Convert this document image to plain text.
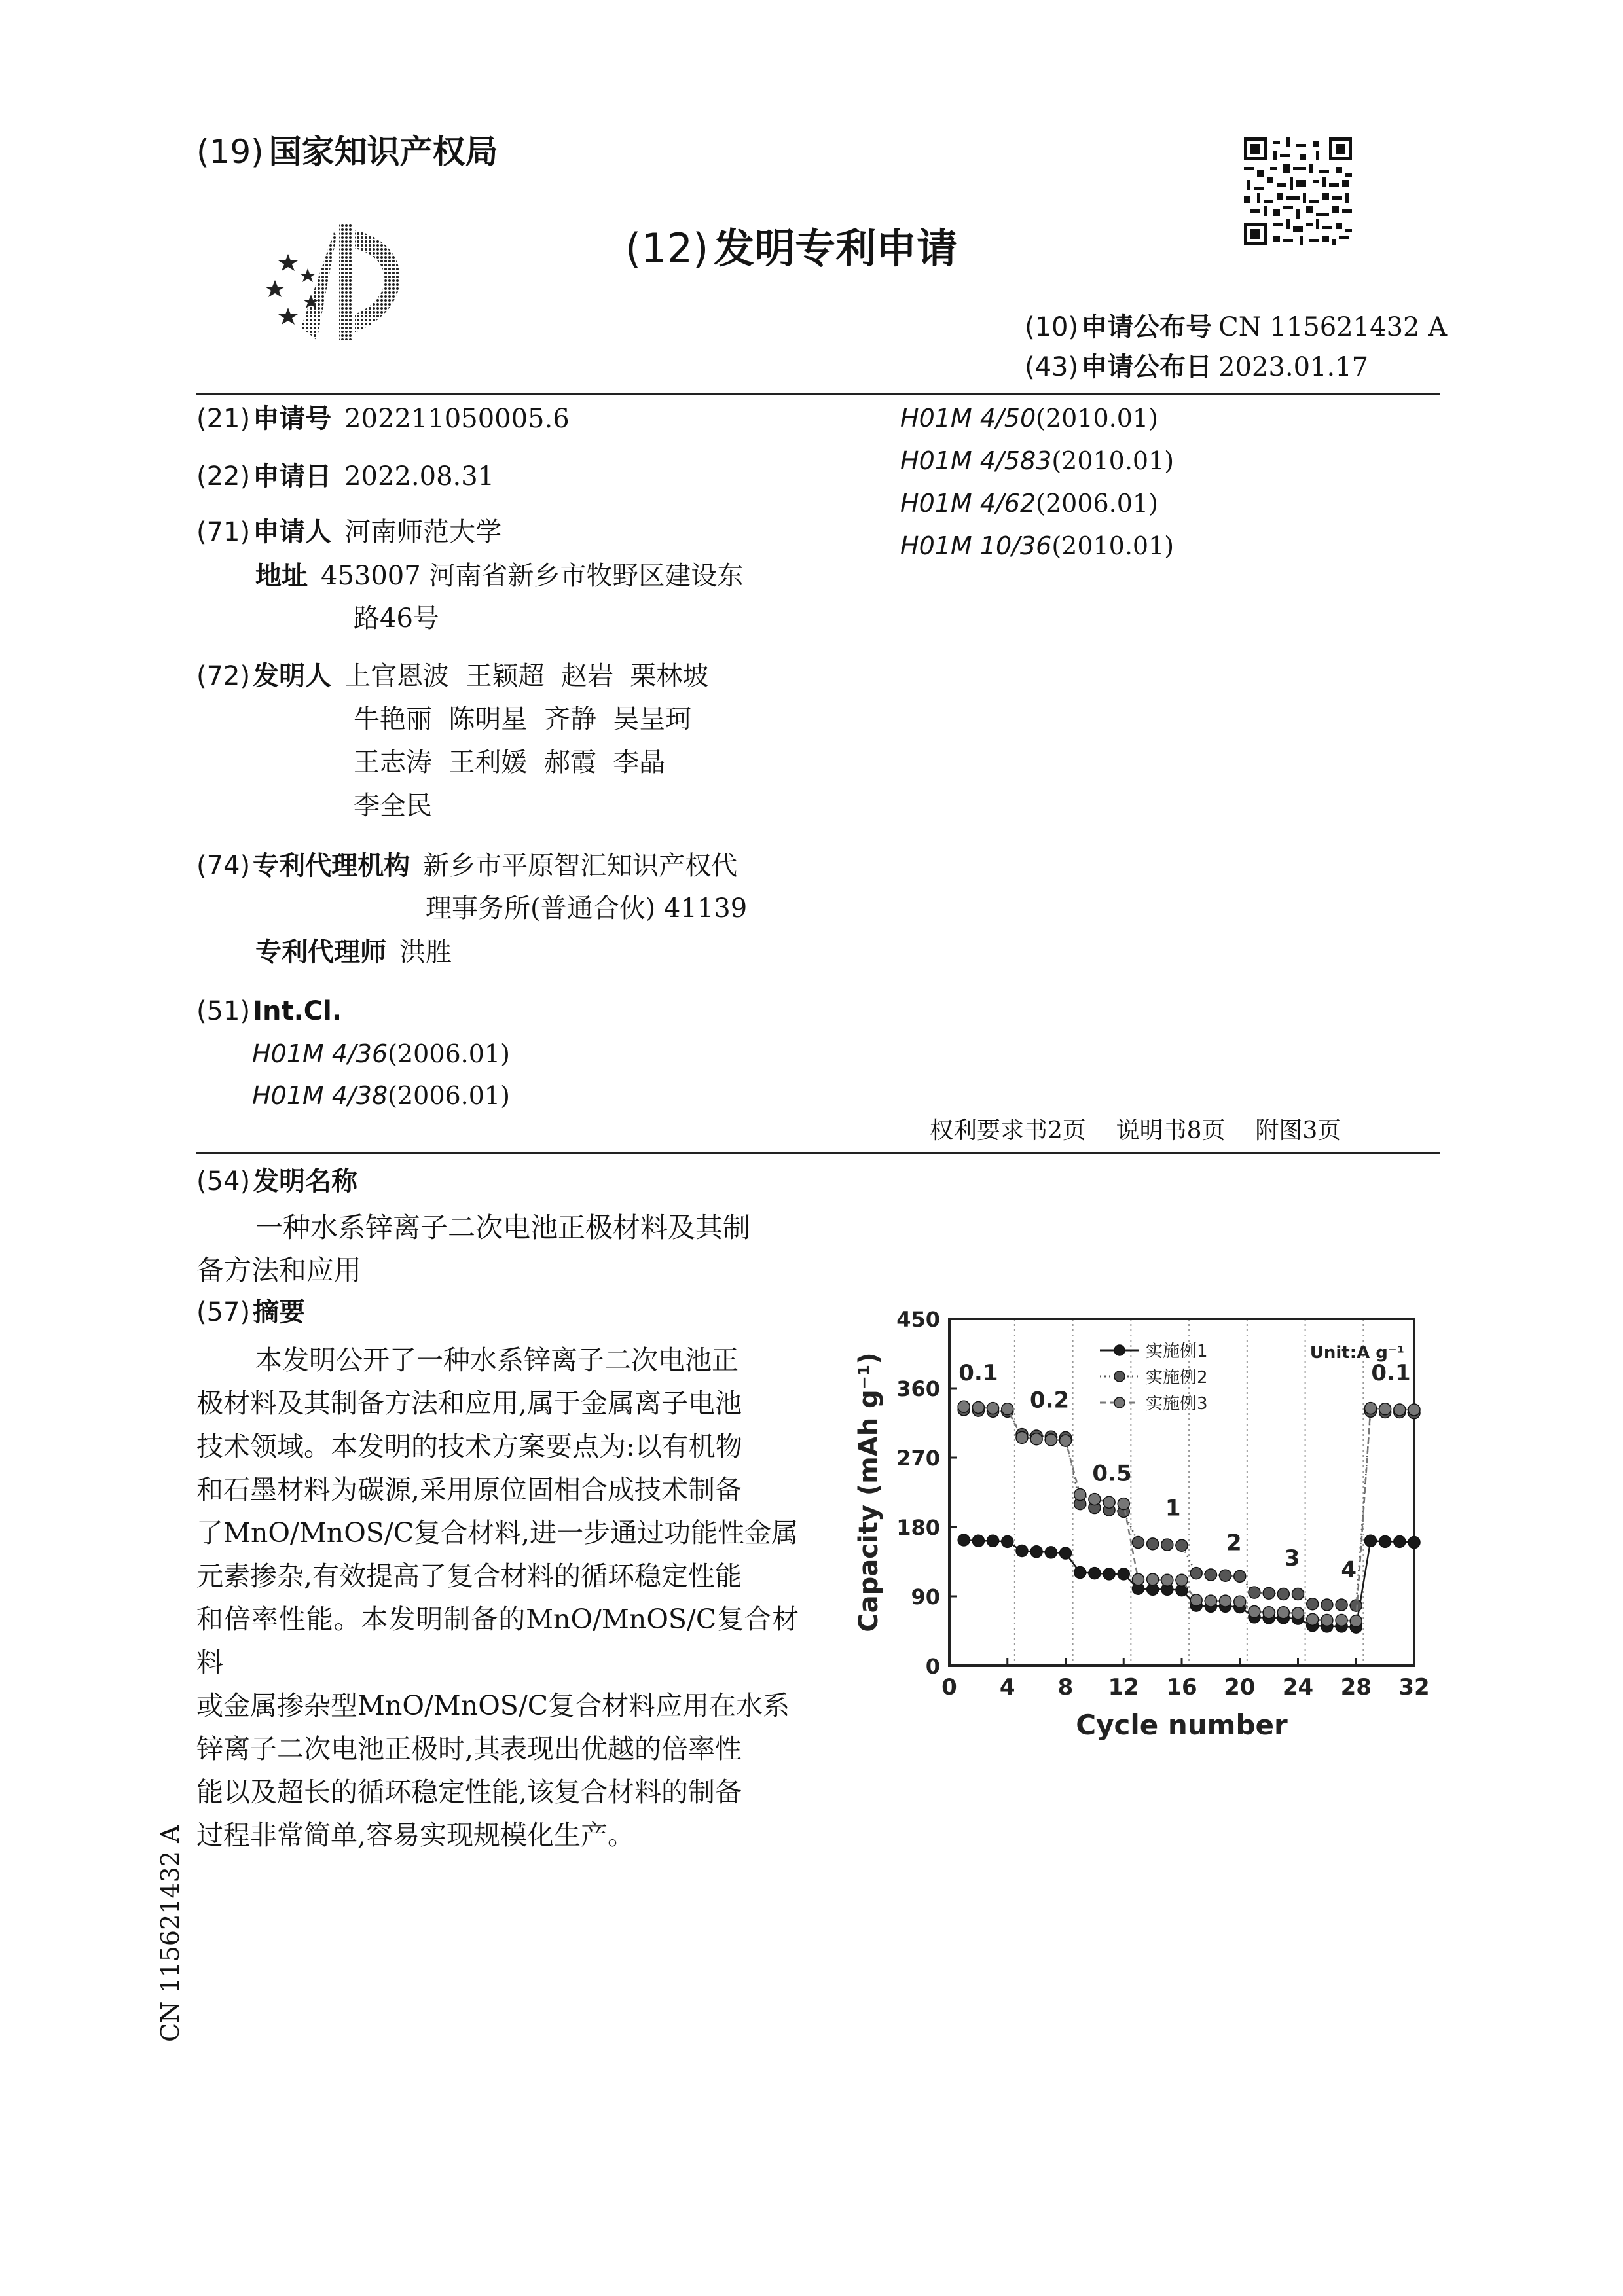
(19) 国家知识产权局
(12) 发明专利申请
(10) 申请公布号 CN 115621432 A
(43) 申请公布日 2023.01.17
(21) 申请号 202211050005.6
(22) 申请日 2022.08.31
(71) 申请人 河南师范大学
地址 453007 河南省新乡市牧野区建设东
路46号
(72) 发明人 上官恩波  王颖超  赵岩  栗林坡
牛艳丽  陈明星  齐静  吴呈珂
王志涛  王利媛  郝霞  李晶
李全民
(74) 专利代理机构 新乡市平原智汇知识产权代
理事务所(普通合伙) 41139
专利代理师 洪胜
(51) Int.Cl.
H01M 4/36(2006.01)
H01M 4/38(2006.01)
H01M 4/50(2010.01)
H01M 4/583(2010.01)
H01M 4/62(2006.01)
H01M 10/36(2010.01)
权利要求书2页    说明书8页    附图3页
(54) 发明名称
一种水系锌离子二次电池正极材料及其制
备方法和应用
(57) 摘要

本发明公开了一种水系锌离子二次电池正

极材料及其制备方法和应用,属于金属离子电池

技术领域。本发明的技术方案要点为:以有机物

和石墨材料为碳源,采用原位固相合成技术制备

了MnO/MnOS/C复合材料,进一步通过功能性金属

元素掺杂,有效提高了复合材料的循环稳定性能

和倍率性能。本发明制备的MnO/MnOS/C复合材料

或金属掺杂型MnO/MnOS/C复合材料应用在水系

锌离子二次电池正极时,其表现出优越的倍率性

能以及超长的循环稳定性能,该复合材料的制备

过程非常简单,容易实现规模化生产。

CN 115621432 A
0 4 8 12 16 20 24 28 32
0
90
180
270
360
450
Cycle number
Capacity (mAh g⁻¹)
实施例1
实施例2
实施例3
Unit:A g⁻¹
0.1
0.2
0.5
1
2
3 4
0.1
